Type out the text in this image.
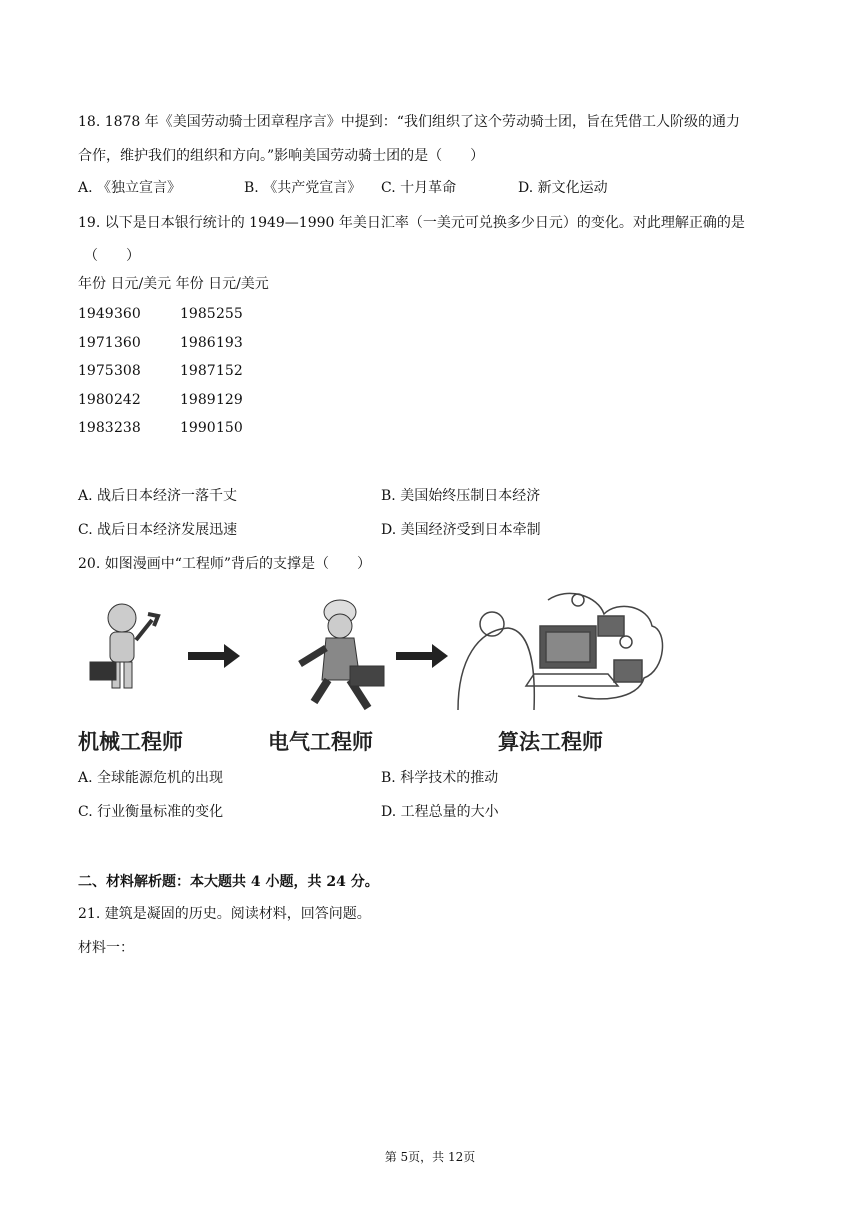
18. 1878 年《美国劳动骑士团章程序言》中提到：“我们组织了这个劳动骑士团，旨在凭借工人阶级的通力
合作，维护我们的组织和方向。”影响美国劳动骑士团的是（　　）
A. 《独立宣言》	B. 《共产党宣言》 C. 十月革命	D. 新文化运动
19. 以下是日本银行统计的 1949—1990 年美日汇率（一美元可兑换多少日元）的变化。对此理解正确的是
（　　）
年份 日元/美元 年份 日元/美元
1949 360	1985 255
1971 360	1986 193
1975 308	1987 152
1980 242	1989 129
1983 238	1990 150
A. 战后日本经济一落千丈	B. 美国始终压制日本经济
C. 战后日本经济发展迅速	D. 美国经济受到日本牵制
20. 如图漫画中“工程师”背后的支撑是（　　）
机械工程师	电气工程师	算法工程师
A. 全球能源危机的出现	B. 科学技术的推动
C. 行业衡量标准的变化	D. 工程总量的大小
二、材料解析题：本大题共 4 小题，共 24 分。
21. 建筑是凝固的历史。阅读材料，回答问题。
材料一：
第 5页，共 12页
